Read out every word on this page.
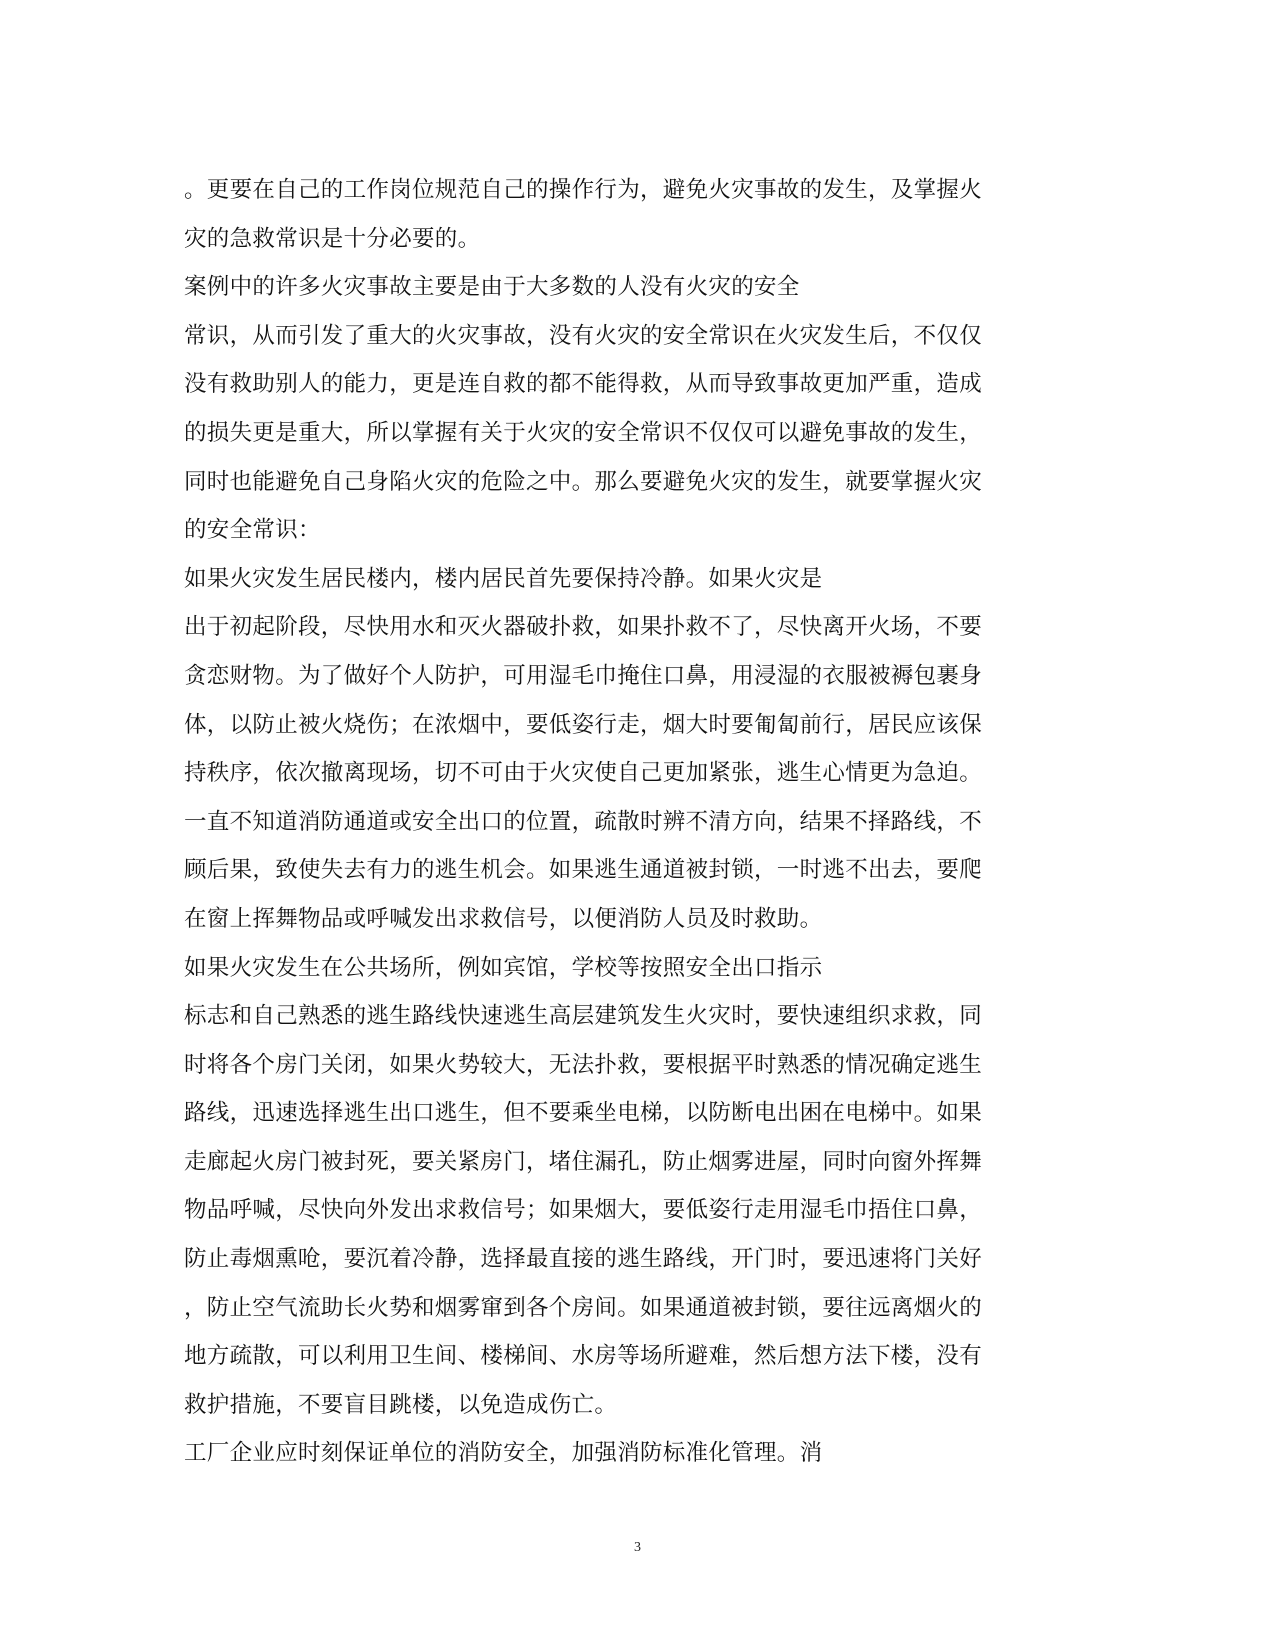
。更要在自己的工作岗位规范自己的操作行为，避免火灾事故的发生，及掌握火
灾的急救常识是十分必要的。
案例中的许多火灾事故主要是由于大多数的人没有火灾的安全
常识，从而引发了重大的火灾事故，没有火灾的安全常识在火灾发生后，不仅仅
没有救助别人的能力，更是连自救的都不能得救，从而导致事故更加严重，造成
的损失更是重大，所以掌握有关于火灾的安全常识不仅仅可以避免事故的发生，
同时也能避免自己身陷火灾的危险之中。那么要避免火灾的发生，就要掌握火灾
的安全常识：
如果火灾发生居民楼内，楼内居民首先要保持冷静。如果火灾是
出于初起阶段，尽快用水和灭火器破扑救，如果扑救不了，尽快离开火场，不要
贪恋财物。为了做好个人防护，可用湿毛巾掩住口鼻，用浸湿的衣服被褥包裹身
体，以防止被火烧伤；在浓烟中，要低姿行走，烟大时要匍匐前行，居民应该保
持秩序，依次撤离现场，切不可由于火灾使自己更加紧张，逃生心情更为急迫。
一直不知道消防通道或安全出口的位置，疏散时辨不清方向，结果不择路线，不
顾后果，致使失去有力的逃生机会。如果逃生通道被封锁，一时逃不出去，要爬
在窗上挥舞物品或呼喊发出求救信号，以便消防人员及时救助。
如果火灾发生在公共场所，例如宾馆，学校等按照安全出口指示
标志和自己熟悉的逃生路线快速逃生高层建筑发生火灾时，要快速组织求救，同
时将各个房门关闭，如果火势较大，无法扑救，要根据平时熟悉的情况确定逃生
路线，迅速选择逃生出口逃生，但不要乘坐电梯，以防断电出困在电梯中。如果
走廊起火房门被封死，要关紧房门，堵住漏孔，防止烟雾进屋，同时向窗外挥舞
物品呼喊，尽快向外发出求救信号；如果烟大，要低姿行走用湿毛巾捂住口鼻，
防止毒烟熏呛，要沉着冷静，选择最直接的逃生路线，开门时，要迅速将门关好
，防止空气流助长火势和烟雾窜到各个房间。如果通道被封锁，要往远离烟火的
地方疏散，可以利用卫生间、楼梯间、水房等场所避难，然后想方法下楼，没有
救护措施，不要盲目跳楼，以免造成伤亡。
工厂企业应时刻保证单位的消防安全，加强消防标准化管理。消
3
